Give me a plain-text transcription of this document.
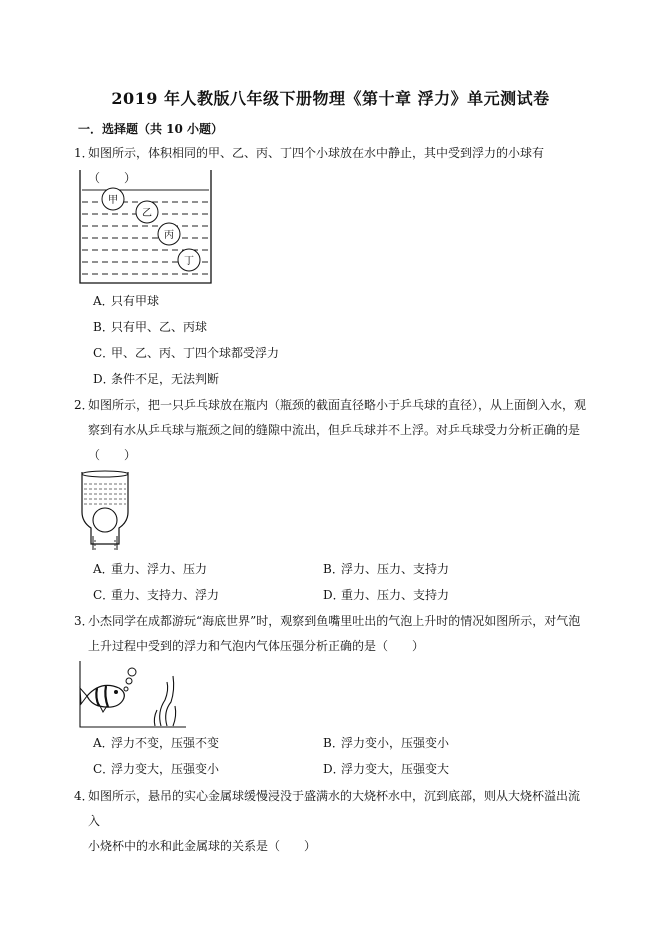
2019 年人教版八年级下册物理《第十章 浮力》单元测试卷
一．选择题（共 10 小题）
1．
如图所示，体积相同的甲、乙、丙、丁四个小球放在水中静止，其中受到浮力的小球有（　　）
甲
乙
丙
丁
A．只有甲球
B．只有甲、乙、丙球
C．甲、乙、丙、丁四个球都受浮力
D．条件不足，无法判断
2．
如图所示，把一只乒乓球放在瓶内（瓶颈的截面直径略小于乒乓球的直径），从上面倒入水，观
察到有水从乒乓球与瓶颈之间的缝隙中流出，但乒乓球并不上浮。对乒乓球受力分析正确的是
（　　）
A．重力、浮力、压力	B．浮力、压力、支持力
C．重力、支持力、浮力	D．重力、压力、支持力
3．
小杰同学在成都游玩“海底世界”时，观察到鱼嘴里吐出的气泡上升时的情况如图所示，对气泡
上升过程中受到的浮力和气泡内气体压强分析正确的是（　　）
A．浮力不变，压强不变	B．浮力变小，压强变小
C．浮力变大，压强变小	D．浮力变大，压强变大
4．
如图所示，悬吊的实心金属球缓慢浸没于盛满水的大烧杯水中，沉到底部，则从大烧杯溢出流入
小烧杯中的水和此金属球的关系是（　　）
